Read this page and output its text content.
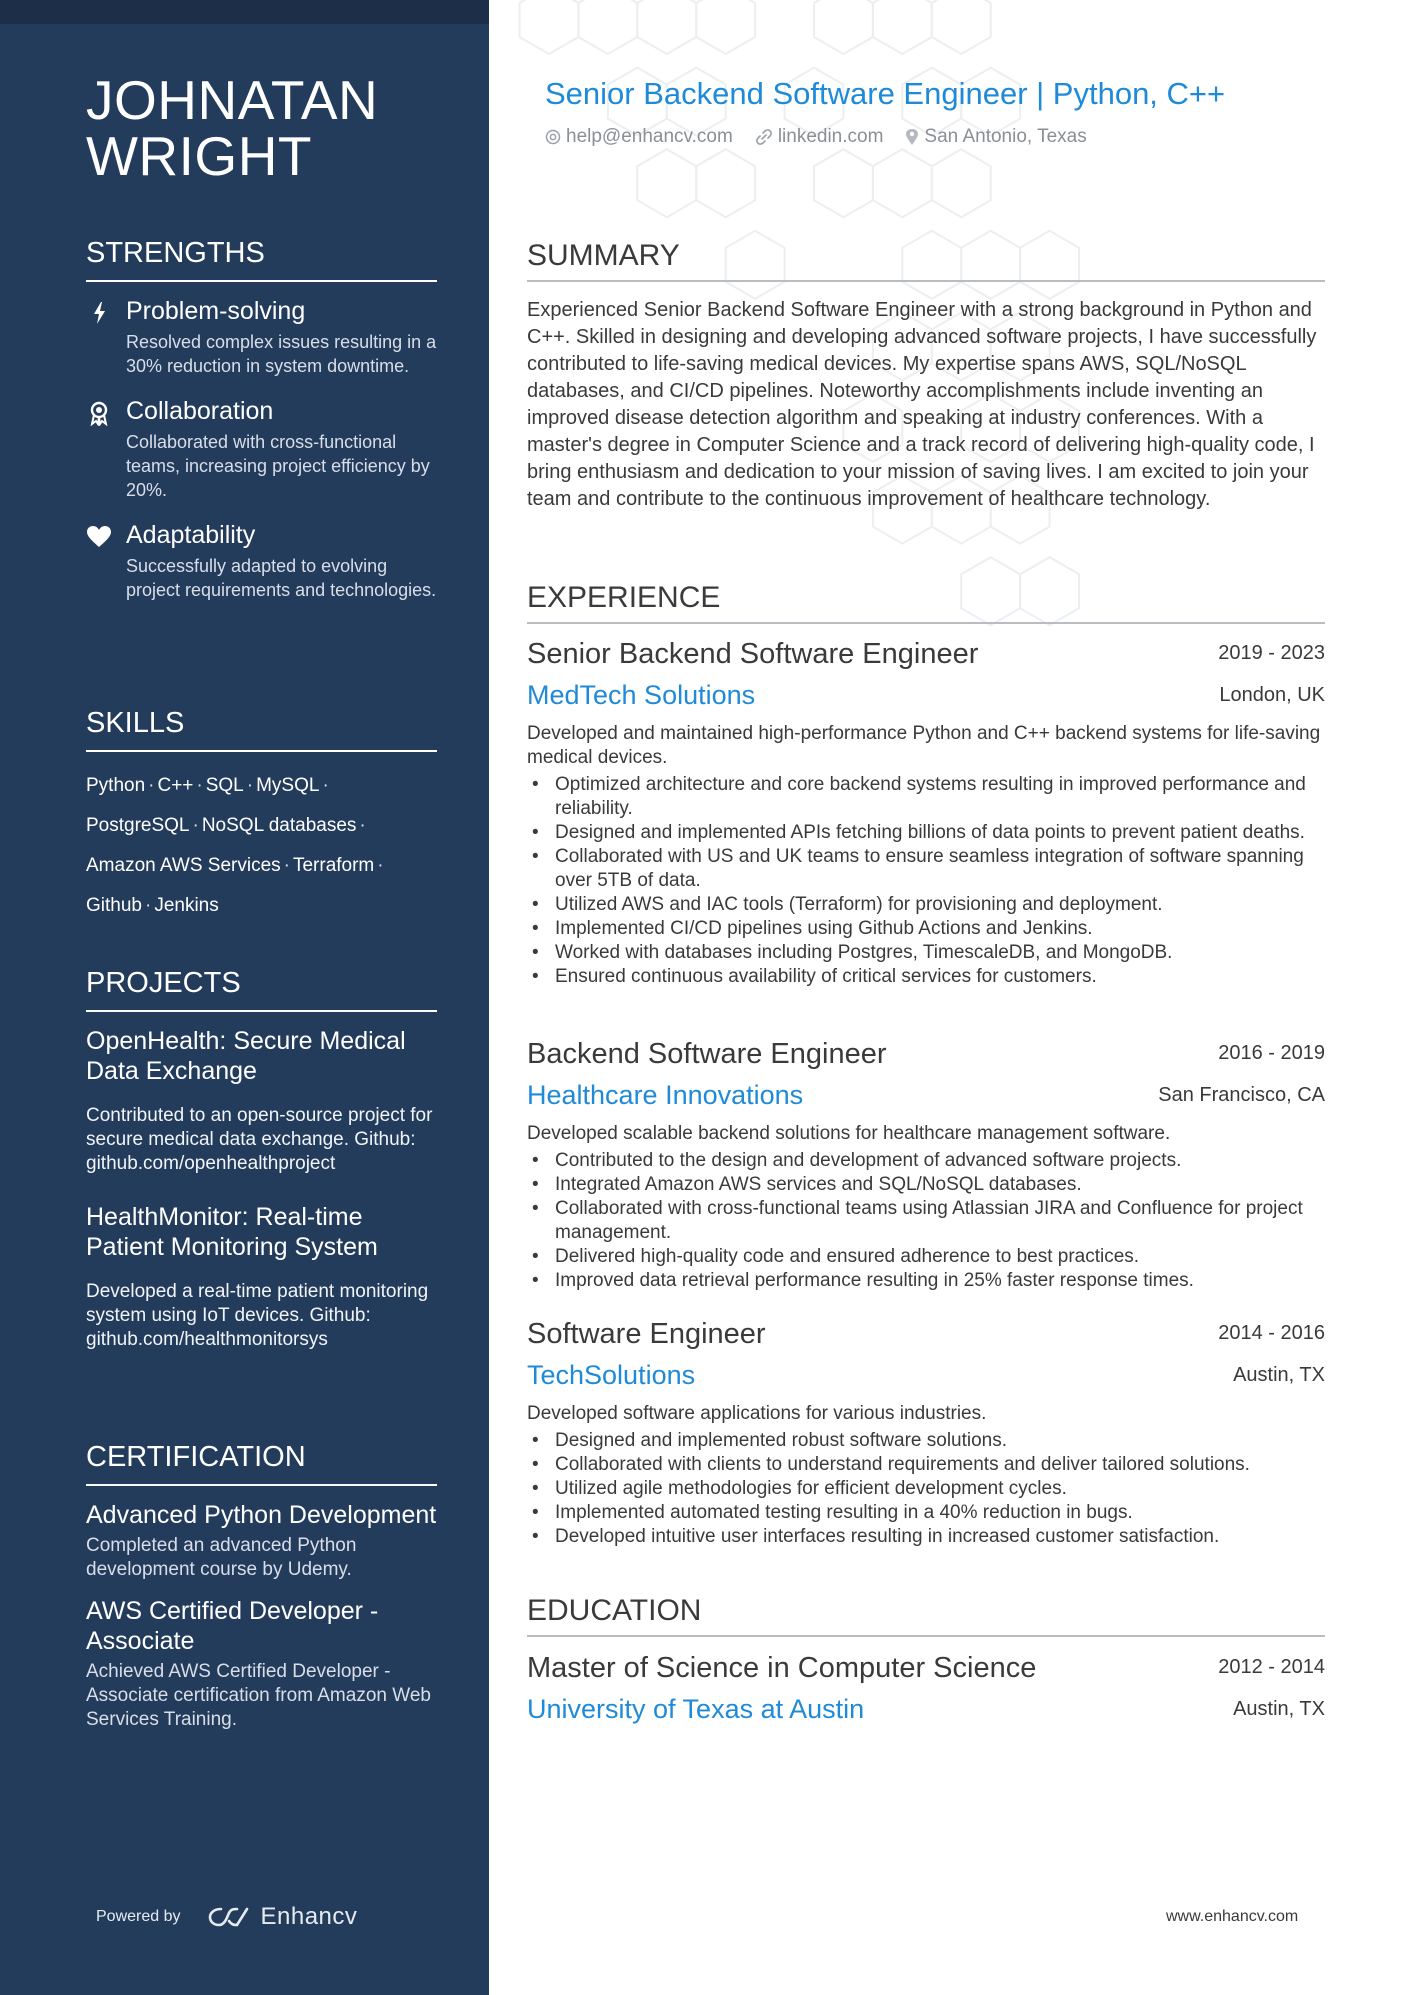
JOHNATAN WRIGHT
STRENGTHS
Problem-solving
Resolved complex issues resulting in a 30% reduction in system downtime.
Collaboration
Collaborated with cross-functional teams, increasing project efficiency by 20%.
Adaptability
Successfully adapted to evolving project requirements and technologies.
SKILLS
Python · C++ · SQL · MySQL ·
PostgreSQL · NoSQL databases ·
Amazon AWS Services · Terraform ·
Github · Jenkins
PROJECTS
OpenHealth: Secure Medical Data Exchange
Contributed to an open-source project for secure medical data exchange. Github: github.com/openhealthproject
HealthMonitor: Real-time Patient Monitoring System
Developed a real-time patient monitoring system using IoT devices. Github: github.com/healthmonitorsys
CERTIFICATION
Advanced Python Development
Completed an advanced Python development course by Udemy.
AWS Certified Developer - Associate
Achieved AWS Certified Developer - Associate certification from Amazon Web Services Training.
Powered by	Enhancv
Senior Backend Software Engineer | Python, C++
help@enhancv.com linkedin.com San Antonio, Texas
SUMMARY
Experienced Senior Backend Software Engineer with a strong background in Python and C++. Skilled in designing and developing advanced software projects, I have successfully contributed to life-saving medical devices. My expertise spans AWS, SQL/NoSQL databases, and CI/CD pipelines. Noteworthy accomplishments include inventing an improved disease detection algorithm and speaking at industry conferences. With a master's degree in Computer Science and a track record of delivering high-quality code, I bring enthusiasm and dedication to your mission of saving lives. I am excited to join your team and contribute to the continuous improvement of healthcare technology.
EXPERIENCE
Senior Backend Software Engineer	2019 - 2023
MedTech Solutions	London, UK
Developed and maintained high-performance Python and C++ backend systems for life-saving medical devices.
• Optimized architecture and core backend systems resulting in improved performance and reliability.
• Designed and implemented APIs fetching billions of data points to prevent patient deaths.
• Collaborated with US and UK teams to ensure seamless integration of software spanning over 5TB of data.
• Utilized AWS and IAC tools (Terraform) for provisioning and deployment.
• Implemented CI/CD pipelines using Github Actions and Jenkins.
• Worked with databases including Postgres, TimescaleDB, and MongoDB.
• Ensured continuous availability of critical services for customers.
Backend Software Engineer	2016 - 2019
Healthcare Innovations	San Francisco, CA
Developed scalable backend solutions for healthcare management software.
• Contributed to the design and development of advanced software projects.
• Integrated Amazon AWS services and SQL/NoSQL databases.
• Collaborated with cross-functional teams using Atlassian JIRA and Confluence for project management.
• Delivered high-quality code and ensured adherence to best practices.
• Improved data retrieval performance resulting in 25% faster response times.
Software Engineer	2014 - 2016
TechSolutions	Austin, TX
Developed software applications for various industries.
• Designed and implemented robust software solutions.
• Collaborated with clients to understand requirements and deliver tailored solutions.
• Utilized agile methodologies for efficient development cycles.
• Implemented automated testing resulting in a 40% reduction in bugs.
• Developed intuitive user interfaces resulting in increased customer satisfaction.
EDUCATION
Master of Science in Computer Science	2012 - 2014
University of Texas at Austin	Austin, TX
www.enhancv.com
